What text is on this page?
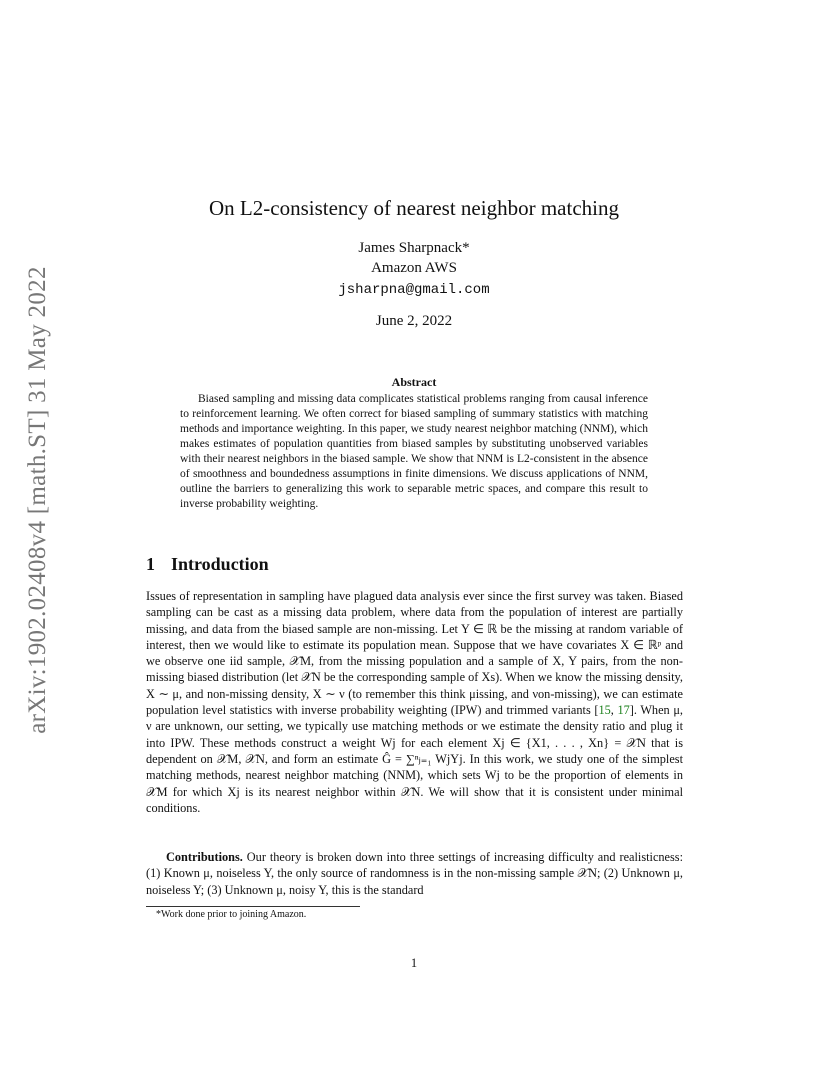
arXiv:1902.02408v4 [math.ST] 31 May 2022
On L2-consistency of nearest neighbor matching
James Sharpnack*
Amazon AWS
jsharpna@gmail.com
June 2, 2022
Abstract

Biased sampling and missing data complicates statistical problems ranging from causal inference to reinforcement learning. We often correct for biased sampling of summary statistics with matching methods and importance weighting. In this paper, we study nearest neighbor matching (NNM), which makes estimates of population quantities from biased samples by substituting unobserved variables with their nearest neighbors in the biased sample. We show that NNM is L2-consistent in the absence of smoothness and boundedness assumptions in finite dimensions. We discuss applications of NNM, outline the barriers to generalizing this work to separable metric spaces, and compare this result to inverse probability weighting.

1 Introduction

Issues of representation in sampling have plagued data analysis ever since the first survey was taken. Biased sampling can be cast as a missing data problem, where data from the population of interest are partially missing, and data from the biased sample are non-missing. Let Y ∈ ℝ be the missing at random variable of interest, then we would like to estimate its population mean. Suppose that we have covariates X ∈ ℝᵖ and we observe one iid sample, 𝒳M, from the missing population and a sample of X, Y pairs, from the non-missing biased distribution (let 𝒳N be the corresponding sample of Xs). When we know the missing density, X ∼ μ, and non-missing density, X ∼ ν (to remember this think μissing, and νon-missing), we can estimate population level statistics with inverse probability weighting (IPW) and trimmed variants [15, 17]. When μ, ν are unknown, our setting, we typically use matching methods or we estimate the density ratio and plug it into IPW. These methods construct a weight Wj for each element Xj ∈ {X1, . . . , Xn} = 𝒳N that is dependent on 𝒳M, 𝒳N, and form an estimate Ĝ = ∑ⁿⱼ₌₁ WjYj. In this work, we study one of the simplest matching methods, nearest neighbor matching (NNM), which sets Wj to be the proportion of elements in 𝒳M for which Xj is its nearest neighbor within 𝒳N. We will show that it is consistent under minimal conditions.

Contributions. Our theory is broken down into three settings of increasing difficulty and realisticness: (1) Known μ, noiseless Y, the only source of randomness is in the non-missing sample 𝒳N; (2) Unknown μ, noiseless Y; (3) Unknown μ, noisy Y, this is the standard

*Work done prior to joining Amazon.
1
